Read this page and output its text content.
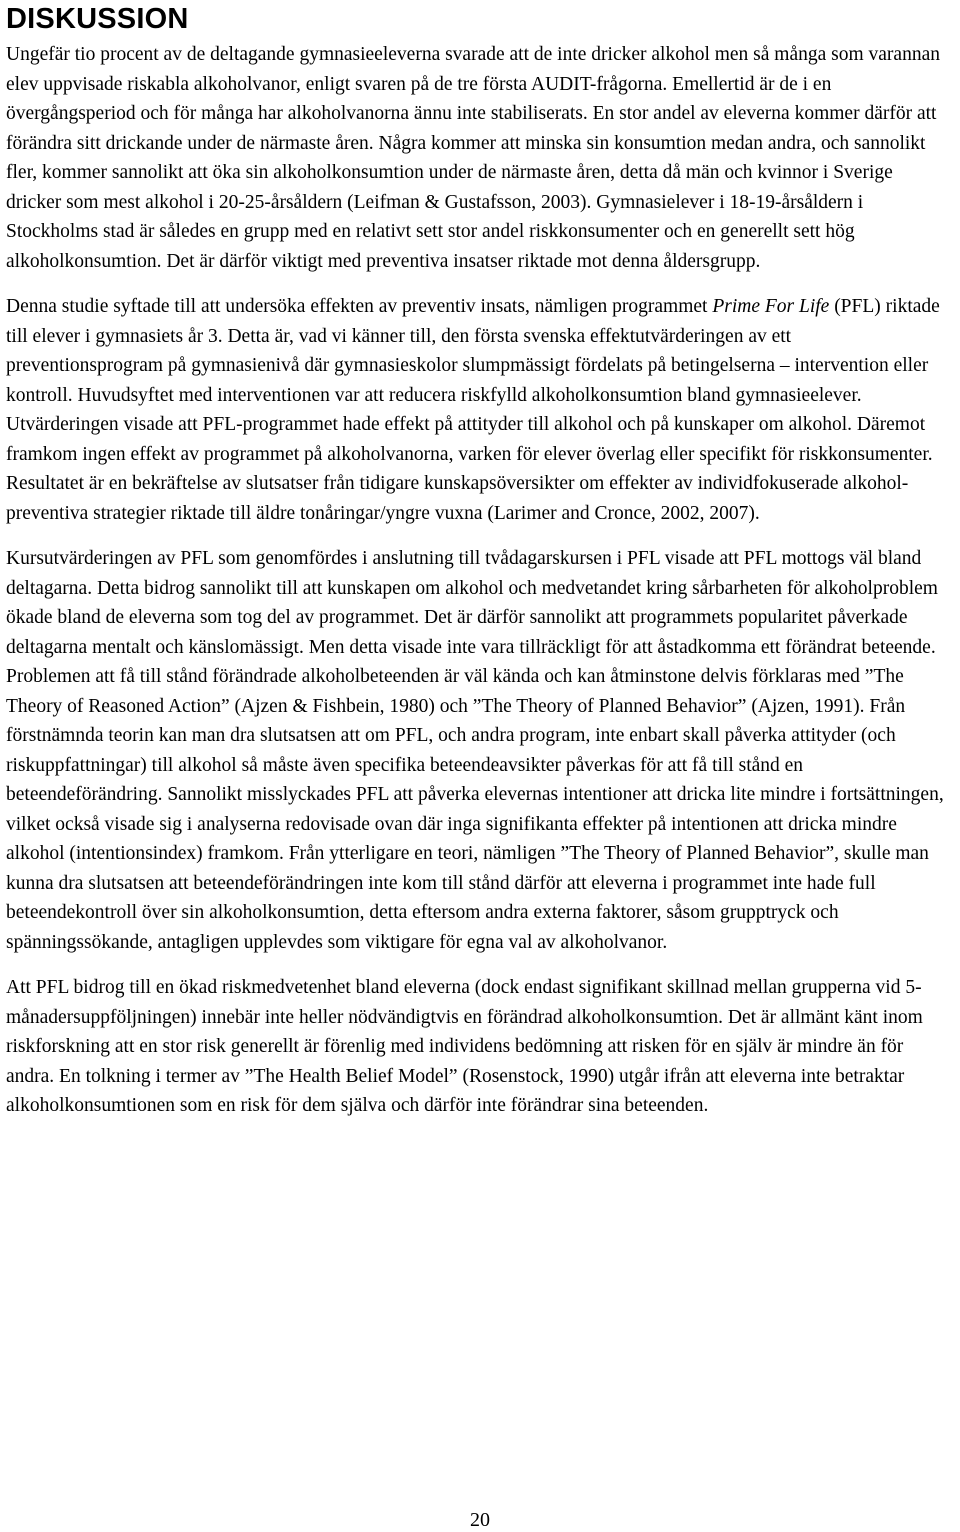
DISKUSSION

Ungefär tio procent av de deltagande gymnasieeleverna svarade att de inte dricker alkohol men så många som varannan elev uppvisade riskabla alkoholvanor, enligt svaren på de tre första AUDIT-frågorna. Emellertid är de i en övergångsperiod och för många har alkoholvanorna ännu inte stabiliserats. En stor andel av eleverna kommer därför att förändra sitt drickande under de närmaste åren. Några kommer att minska sin konsumtion medan andra, och sannolikt fler, kommer sannolikt att öka sin alkoholkonsumtion under de närmaste åren, detta då män och kvinnor i Sverige dricker som mest alkohol i 20-25-årsåldern (Leifman & Gustafsson, 2003). Gymnasielever i 18-19-årsåldern i Stockholms stad är således en grupp med en relativt sett stor andel riskkonsumenter och en generellt sett hög alkoholkonsumtion. Det är därför viktigt med preventiva insatser riktade mot denna åldersgrupp.

Denna studie syftade till att undersöka effekten av preventiv insats, nämligen programmet Prime For Life (PFL) riktade till elever i gymnasiets år 3. Detta är, vad vi känner till, den första svenska effektutvärderingen av ett preventionsprogram på gymnasienivå där gymnasieskolor slumpmässigt fördelats på betingelserna – intervention eller kontroll. Huvudsyftet med interventionen var att reducera riskfylld alkoholkonsumtion bland gymnasieelever. Utvärderingen visade att PFL-programmet hade effekt på attityder till alkohol och på kunskaper om alkohol. Däremot framkom ingen effekt av programmet på alkoholvanorna, varken för elever överlag eller specifikt för riskkonsumenter. Resultatet är en bekräftelse av slutsatser från tidigare kunskapsöversikter om effekter av individfokuserade alkoholpreventiva strategier riktade till äldre tonåringar/yngre vuxna (Larimer and Cronce, 2002, 2007).

Kursutvärderingen av PFL som genomfördes i anslutning till tvådagarskursen i PFL visade att PFL mottogs väl bland deltagarna. Detta bidrog sannolikt till att kunskapen om alkohol och medvetandet kring sårbarheten för alkoholproblem ökade bland de eleverna som tog del av programmet. Det är därför sannolikt att programmets popularitet påverkade deltagarna mentalt och känslomässigt. Men detta visade inte vara tillräckligt för att åstadkomma ett förändrat beteende. Problemen att få till stånd förändrade alkoholbeteenden är väl kända och kan åtminstone delvis förklaras med ”The Theory of Reasoned Action” (Ajzen & Fishbein, 1980) och ”The Theory of Planned Behavior” (Ajzen, 1991). Från förstnämnda teorin kan man dra slutsatsen att om PFL, och andra program, inte enbart skall påverka attityder (och riskuppfattningar) till alkohol så måste även specifika beteendeavsikter påverkas för att få till stånd en beteendeförändring. Sannolikt misslyckades PFL att påverka elevernas intentioner att dricka lite mindre i fortsättningen, vilket också visade sig i analyserna redovisade ovan där inga signifikanta effekter på intentionen att dricka mindre alkohol (intentionsindex) framkom. Från ytterligare en teori, nämligen ”The Theory of Planned Behavior”, skulle man kunna dra slutsatsen att beteendeförändringen inte kom till stånd därför att eleverna i programmet inte hade full beteendekontroll över sin alkoholkonsumtion, detta eftersom andra externa faktorer, såsom grupptryck och spänningssökande, antagligen upplevdes som viktigare för egna val av alkoholvanor.

Att PFL bidrog till en ökad riskmedvetenhet bland eleverna (dock endast signifikant skillnad mellan grupperna vid 5-månadersuppföljningen) innebär inte heller nödvändigtvis en förändrad alkoholkonsumtion. Det är allmänt känt inom riskforskning att en stor risk generellt är förenlig med individens bedömning att risken för en själv är mindre än för andra. En tolkning i termer av ”The Health Belief Model” (Rosenstock, 1990) utgår ifrån att eleverna inte betraktar alkoholkonsumtionen som en risk för dem själva och därför inte förändrar sina beteenden.

20
